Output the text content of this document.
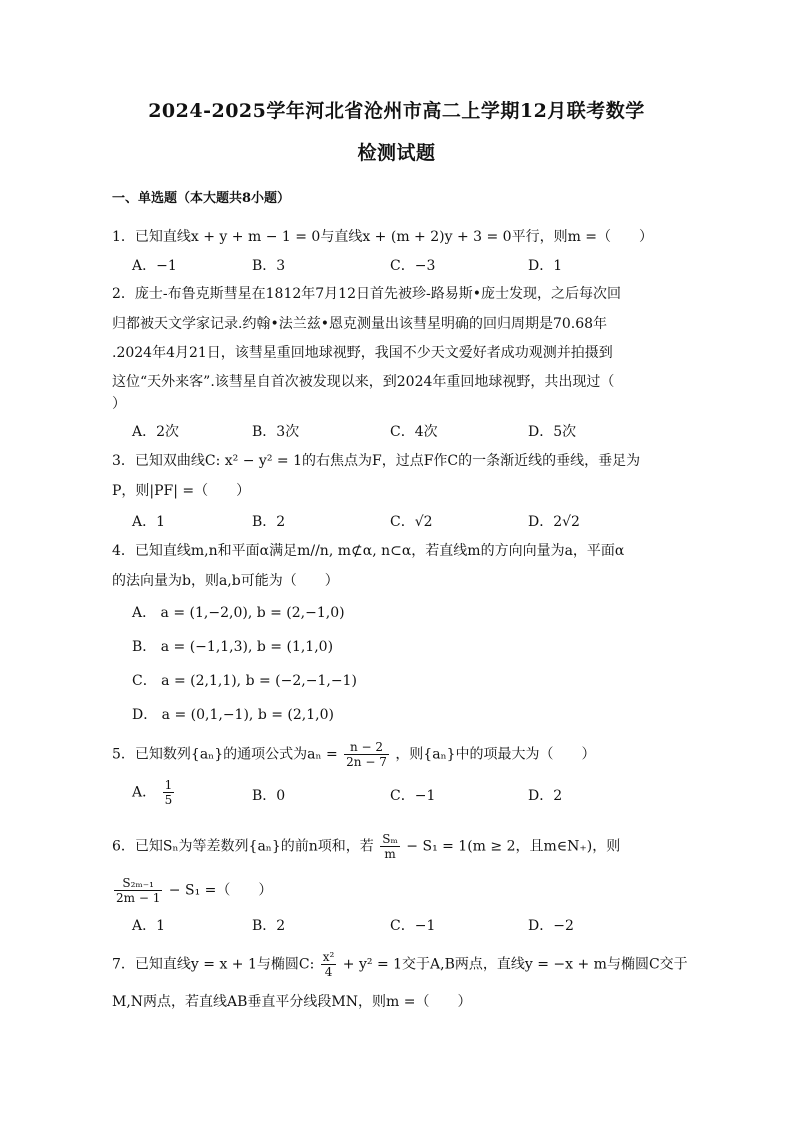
2024-2025学年河北省沧州市高二上学期12月联考数学
检测试题
一、单选题（本大题共8小题）
1．已知直线x + y + m − 1 = 0与直线x + (m + 2)y + 3 = 0平行，则m =（　　）
A．−1	B．3	C．−3	D．1
2．庞士-布鲁克斯彗星在1812年7月12日首先被珍-路易斯•庞士发现，之后每次回
归都被天文学家记录.约翰•法兰兹•恩克测量出该彗星明确的回归周期是70.68年
.2024年4月21日，该彗星重回地球视野，我国不少天文爱好者成功观测并拍摄到
这位“天外来客”.该彗星自首次被发现以来，到2024年重回地球视野，共出现过（
）
A．2次	B．3次	C．4次	D．5次
3．已知双曲线C: x² − y² = 1的右焦点为F，过点F作C的一条渐近线的垂线，垂足为
P，则|PF| =（　　）
A．1	B．2	C．√2	D．2√2
4．已知直线m,n和平面α满足m//n, m⊄α, n⊂α，若直线m的方向向量为a，平面α
的法向量为b，则a,b可能为（　　）
A． a = (1,−2,0), b = (2,−1,0)
B． a = (−1,1,3), b = (1,1,0)
C． a = (2,1,1), b = (−2,−1,−1)
D． a = (0,1,−1), b = (2,1,0)
5．已知数列{aₙ}的通项公式为$a_n = \frac{n - 2}{2n - 7}$ ，则{aₙ}中的项最大为（　　）
A． $\frac{1}{5}$	B．0	C．−1	D．2
6．已知Sₙ为等差数列{aₙ}的前n项和，若 $\frac{\text{Sₘ}}{m} - S_1 = 1(m \ge 2$，且m∈N₊)，则
$\frac{\text{S₂ₘ₋₁}}{2m - 1} - S_1$ =（　　）
A．1	B．2	C．−1	D．−2
7．已知直线y = x + 1与椭圆C: $\frac{\text{x²}}{4} + y^2 = 1$交于A,B两点，直线y = −x + m与椭圆C交于
M,N两点，若直线AB垂直平分线段MN，则m =（　　）
